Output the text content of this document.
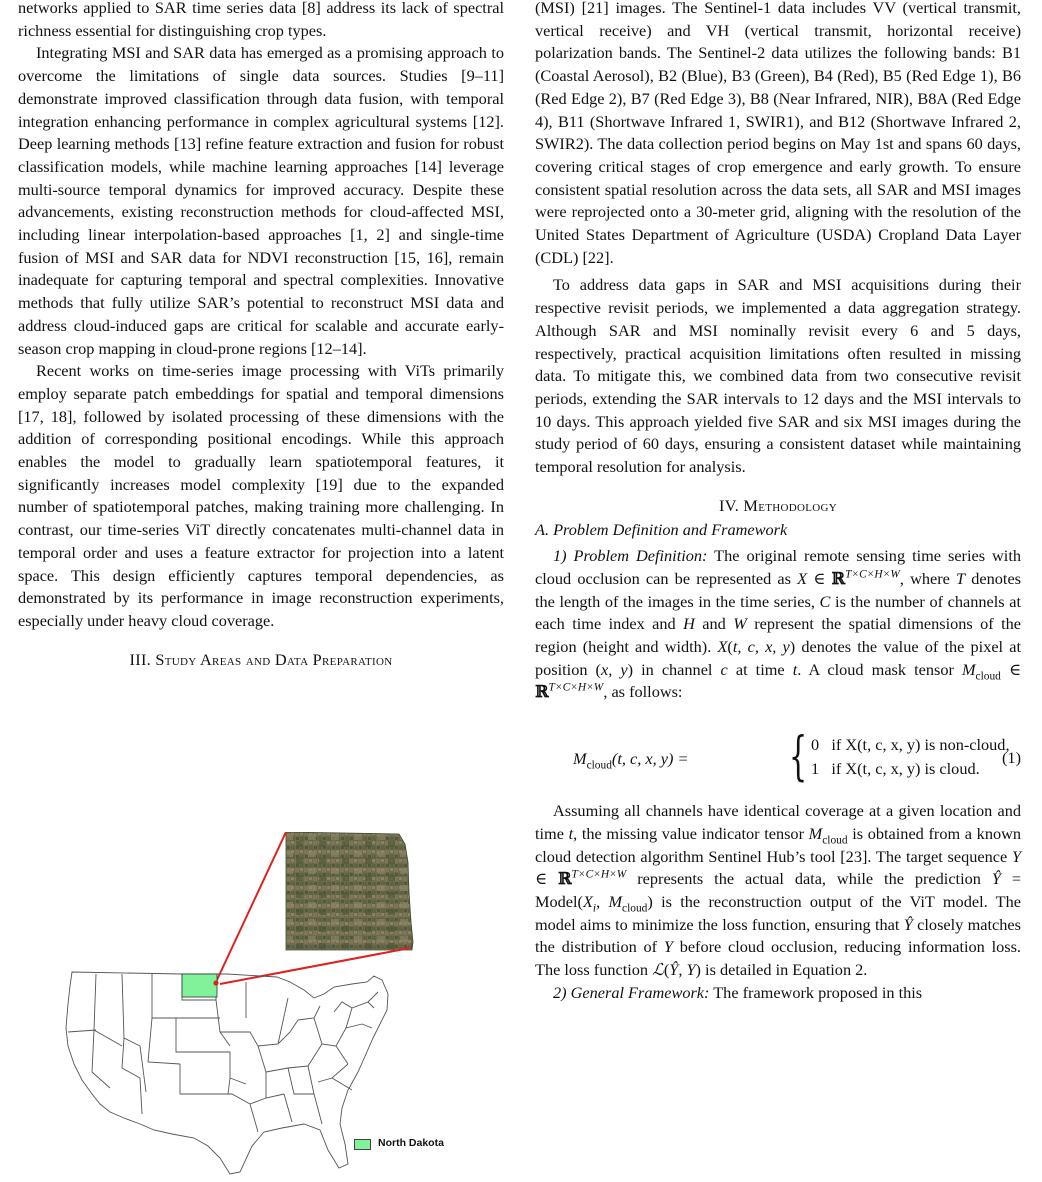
networks applied to SAR time series data [8] address its lack of spectral richness essential for distinguishing crop types.

Integrating MSI and SAR data has emerged as a promising approach to overcome the limitations of single data sources. Studies [9–11] demonstrate improved classification through data fusion, with temporal integration enhancing performance in complex agricultural systems [12]. Deep learning methods [13] refine feature extraction and fusion for robust classification models, while machine learning approaches [14] leverage multi-source temporal dynamics for improved accuracy. Despite these advancements, existing reconstruction methods for cloud-affected MSI, including linear interpolation-based approaches [1, 2] and single-time fusion of MSI and SAR data for NDVI reconstruction [15, 16], remain inadequate for capturing temporal and spectral complexities. Innovative methods that fully utilize SAR’s potential to reconstruct MSI data and address cloud-induced gaps are critical for scalable and accurate early-season crop mapping in cloud-prone regions [12–14].

Recent works on time-series image processing with ViTs primarily employ separate patch embeddings for spatial and temporal dimensions [17, 18], followed by isolated processing of these dimensions with the addition of corresponding positional encodings. While this approach enables the model to gradually learn spatiotemporal features, it significantly increases model complexity [19] due to the expanded number of spatiotemporal patches, making training more challenging. In contrast, our time-series ViT directly concatenates multi-channel data in temporal order and uses a feature extractor for projection into a latent space. This design efficiently captures temporal dependencies, as demonstrated by its performance in image reconstruction experiments, especially under heavy cloud coverage.

III. Study Areas and Data Preparation

North Dakota

(MSI) [21] images. The Sentinel-1 data includes VV (vertical transmit, vertical receive) and VH (vertical transmit, horizontal receive) polarization bands. The Sentinel-2 data utilizes the following bands: B1 (Coastal Aerosol), B2 (Blue), B3 (Green), B4 (Red), B5 (Red Edge 1), B6 (Red Edge 2), B7 (Red Edge 3), B8 (Near Infrared, NIR), B8A (Red Edge 4), B11 (Shortwave Infrared 1, SWIR1), and B12 (Shortwave Infrared 2, SWIR2). The data collection period begins on May 1st and spans 60 days, covering critical stages of crop emergence and early growth. To ensure consistent spatial resolution across the data sets, all SAR and MSI images were reprojected onto a 30-meter grid, aligning with the resolution of the United States Department of Agriculture (USDA) Cropland Data Layer (CDL) [22].

To address data gaps in SAR and MSI acquisitions during their respective revisit periods, we implemented a data aggregation strategy. Although SAR and MSI nominally revisit every 6 and 5 days, respectively, practical acquisition limitations often resulted in missing data. To mitigate this, we combined data from two consecutive revisit periods, extending the SAR intervals to 12 days and the MSI intervals to 10 days. This approach yielded five SAR and six MSI images during the study period of 60 days, ensuring a consistent dataset while maintaining temporal resolution for analysis.

IV. Methodology

A. Problem Definition and Framework

1) Problem Definition: The original remote sensing time series with cloud occlusion can be represented as X ∈ ℝ$^{T\times C\times H\times W}$, where T denotes the length of the images in the time series, C is the number of channels at each time index and H and W represent the spatial dimensions of the region (height and width). X(t, c, x, y) denotes the value of the pixel at position (x, y) in channel c at time t. A cloud mask tensor $M_{cloud}$ ∈ ℝ$^{T\times C\times H\times W}$, as follows:

$M_{cloud}(t$, c, x, y) = { 0 if X(t, c, x, y) is non-cloud,
1 if X(t, c, x, y) is cloud.
(1)

Assuming all channels have identical coverage at a given location and time t, the missing value indicator tensor $M_{cloud}$ is obtained from a known cloud detection algorithm Sentinel Hub’s tool [23]. The target sequence Y ∈ ℝ$^{T\times C\times H\times W}$ represents the actual data, while the prediction Ŷ = $Model(X_i$, $M_{cloud}$) is the reconstruction output of the ViT model. The model aims to minimize the loss function, ensuring that Ŷ closely matches the distribution of Y before cloud occlusion, reducing information loss. The loss function ℒ(Ŷ, Y) is detailed in Equation 2.

2) General Framework: The framework proposed in this
